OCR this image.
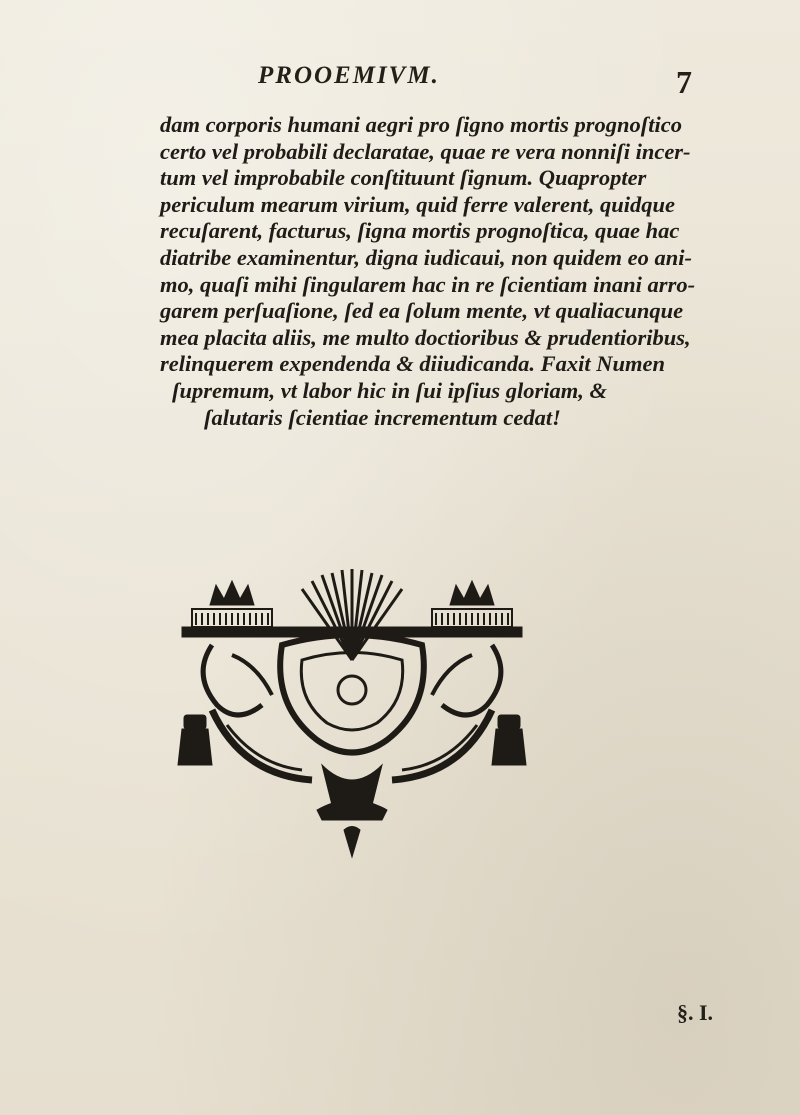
PROOEMIVM.	7
dam corporis humani aegri pro ſigno mortis prognoſtico
certo vel probabili declaratae, quae re vera nonniſi incer-
tum vel improbabile conſtituunt ſignum. Quapropter
periculum mearum virium, quid ferre valerent, quidque
recuſarent, facturus, ſigna mortis prognoſtica, quae hac
diatribe examinentur, digna iudicaui, non quidem eo ani-
mo, quaſi mihi ſingularem hac in re ſcientiam inani arro-
garem perſuaſione, ſed ea ſolum mente, vt qualiacunque
mea placita aliis, me multo doctioribus & prudentioribus,
relinquerem expendenda & diiudicanda. Faxit Numen
ſupremum, vt labor hic in ſui ipſius gloriam, &
ſalutaris ſcientiae incrementum cedat!
§. I.
